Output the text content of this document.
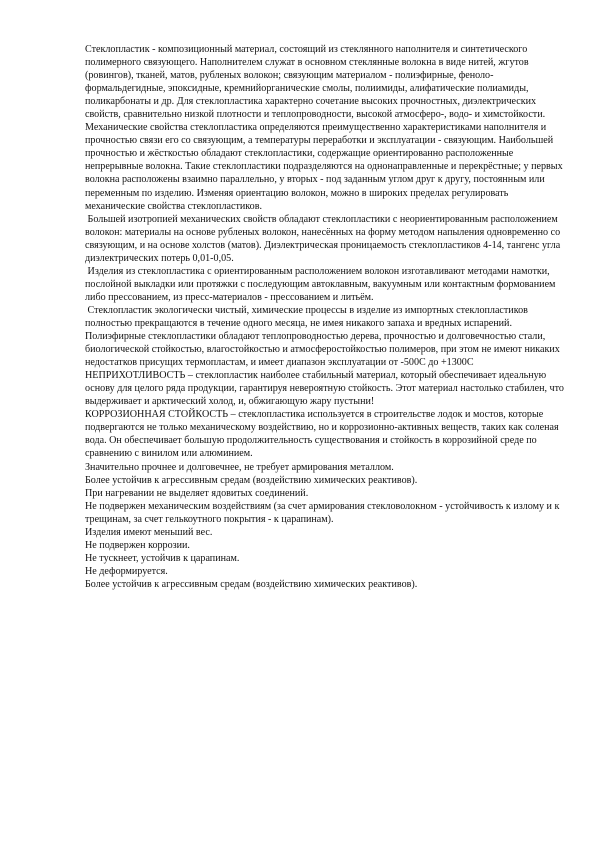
Стеклопластик - композиционный материал, состоящий из стеклянного наполнителя и синтетического полимерного связующего. Наполнителем служат в основном стеклянные волокна в виде нитей, жгутов (ровингов), тканей, матов, рубленых волокон; связующим материалом - полиэфирные, феноло-формальдегидные, эпоксидные, кремнийорганические смолы, полиимиды, алифатические полиамиды, поликарбонаты и др. Для стеклопластика характерно сочетание высоких прочностных, диэлектрических свойств, сравнительно низкой плотности и теплопроводности, высокой атмосферо-, водо- и химстойкости. Механические свойства стеклопластика определяются преимущественно характеристиками наполнителя и прочностью связи его со связующим, а температуры переработки и эксплуатации - связующим. Наибольшей прочностью и жёсткостью обладают стеклопластики, содержащие ориентированно расположенные непрерывные волокна. Такие стеклопластики подразделяются на однонаправленные и перекрёстные; у первых волокна расположены взаимно параллельно, у вторых - под заданным углом друг к другу, постоянным или переменным по изделию. Изменяя ориентацию волокон, можно в широких пределах регулировать механические свойства стеклопластиков.

Большей изотропией механических свойств обладают стеклопластики с неориентированным расположением волокон: материалы на основе рубленых волокон, нанесённых на форму методом напыления одновременно со связующим, и на основе холстов (матов). Диэлектрическая проницаемость стеклопластиков 4-14, тангенс угла диэлектрических потерь 0,01-0,05.

Изделия из стеклопластика с ориентированным расположением волокон изготавливают методами намотки, послойной выкладки или протяжки с последующим автоклавным, вакуумным или контактным формованием либо прессованием, из пресс-материалов - прессованием и литьём.

Стеклопластик экологически чистый, химические процессы в изделие из импортных стеклопластиков полностью прекращаются в течение одного месяца, не имея никакого запаха и вредных испарений. Полиэфирные стеклопластики обладают теплопроводностью дерева, прочностью и долговечностью стали, биологической стойкостью, влагостойкостью и атмосферостойкостью полимеров, при этом не имеют никаких недостатков присущих термопластам, и имеет диапазон эксплуатации от -500С до +1300С

НЕПРИХОТЛИВОСТЬ – стеклопластик наиболее стабильный материал, который обеспечивает идеальную основу для целого ряда продукции, гарантируя невероятную стойкость. Этот материал настолько стабилен, что выдерживает и арктический холод, и, обжигающую жару пустыни!

КОРРОЗИОННАЯ СТОЙКОСТЬ – стеклопластика используется в строительстве лодок и мостов, которые подвергаются не только механическому воздействию, но и коррозионно-активных веществ, таких как соленая вода. Он обеспечивает большую продолжительность существования и стойкость в коррозийной среде по сравнению с винилом или алюминием.

Значительно прочнее и долговечнее, не требует армирования металлом.

Более устойчив к агрессивным средам (воздействию химических реактивов).

При нагревании не выделяет ядовитых соединений.

Не подвержен механическим воздействиям (за счет армирования стекловолокном - устойчивость к излому и к трещинам, за счет гелькоутного покрытия - к царапинам).

Изделия имеют меньший вес.

Не подвержен коррозии.

Не тускнеет, устойчив к царапинам.

Не деформируется.

Более устойчив к агрессивным средам (воздействию химических реактивов).
